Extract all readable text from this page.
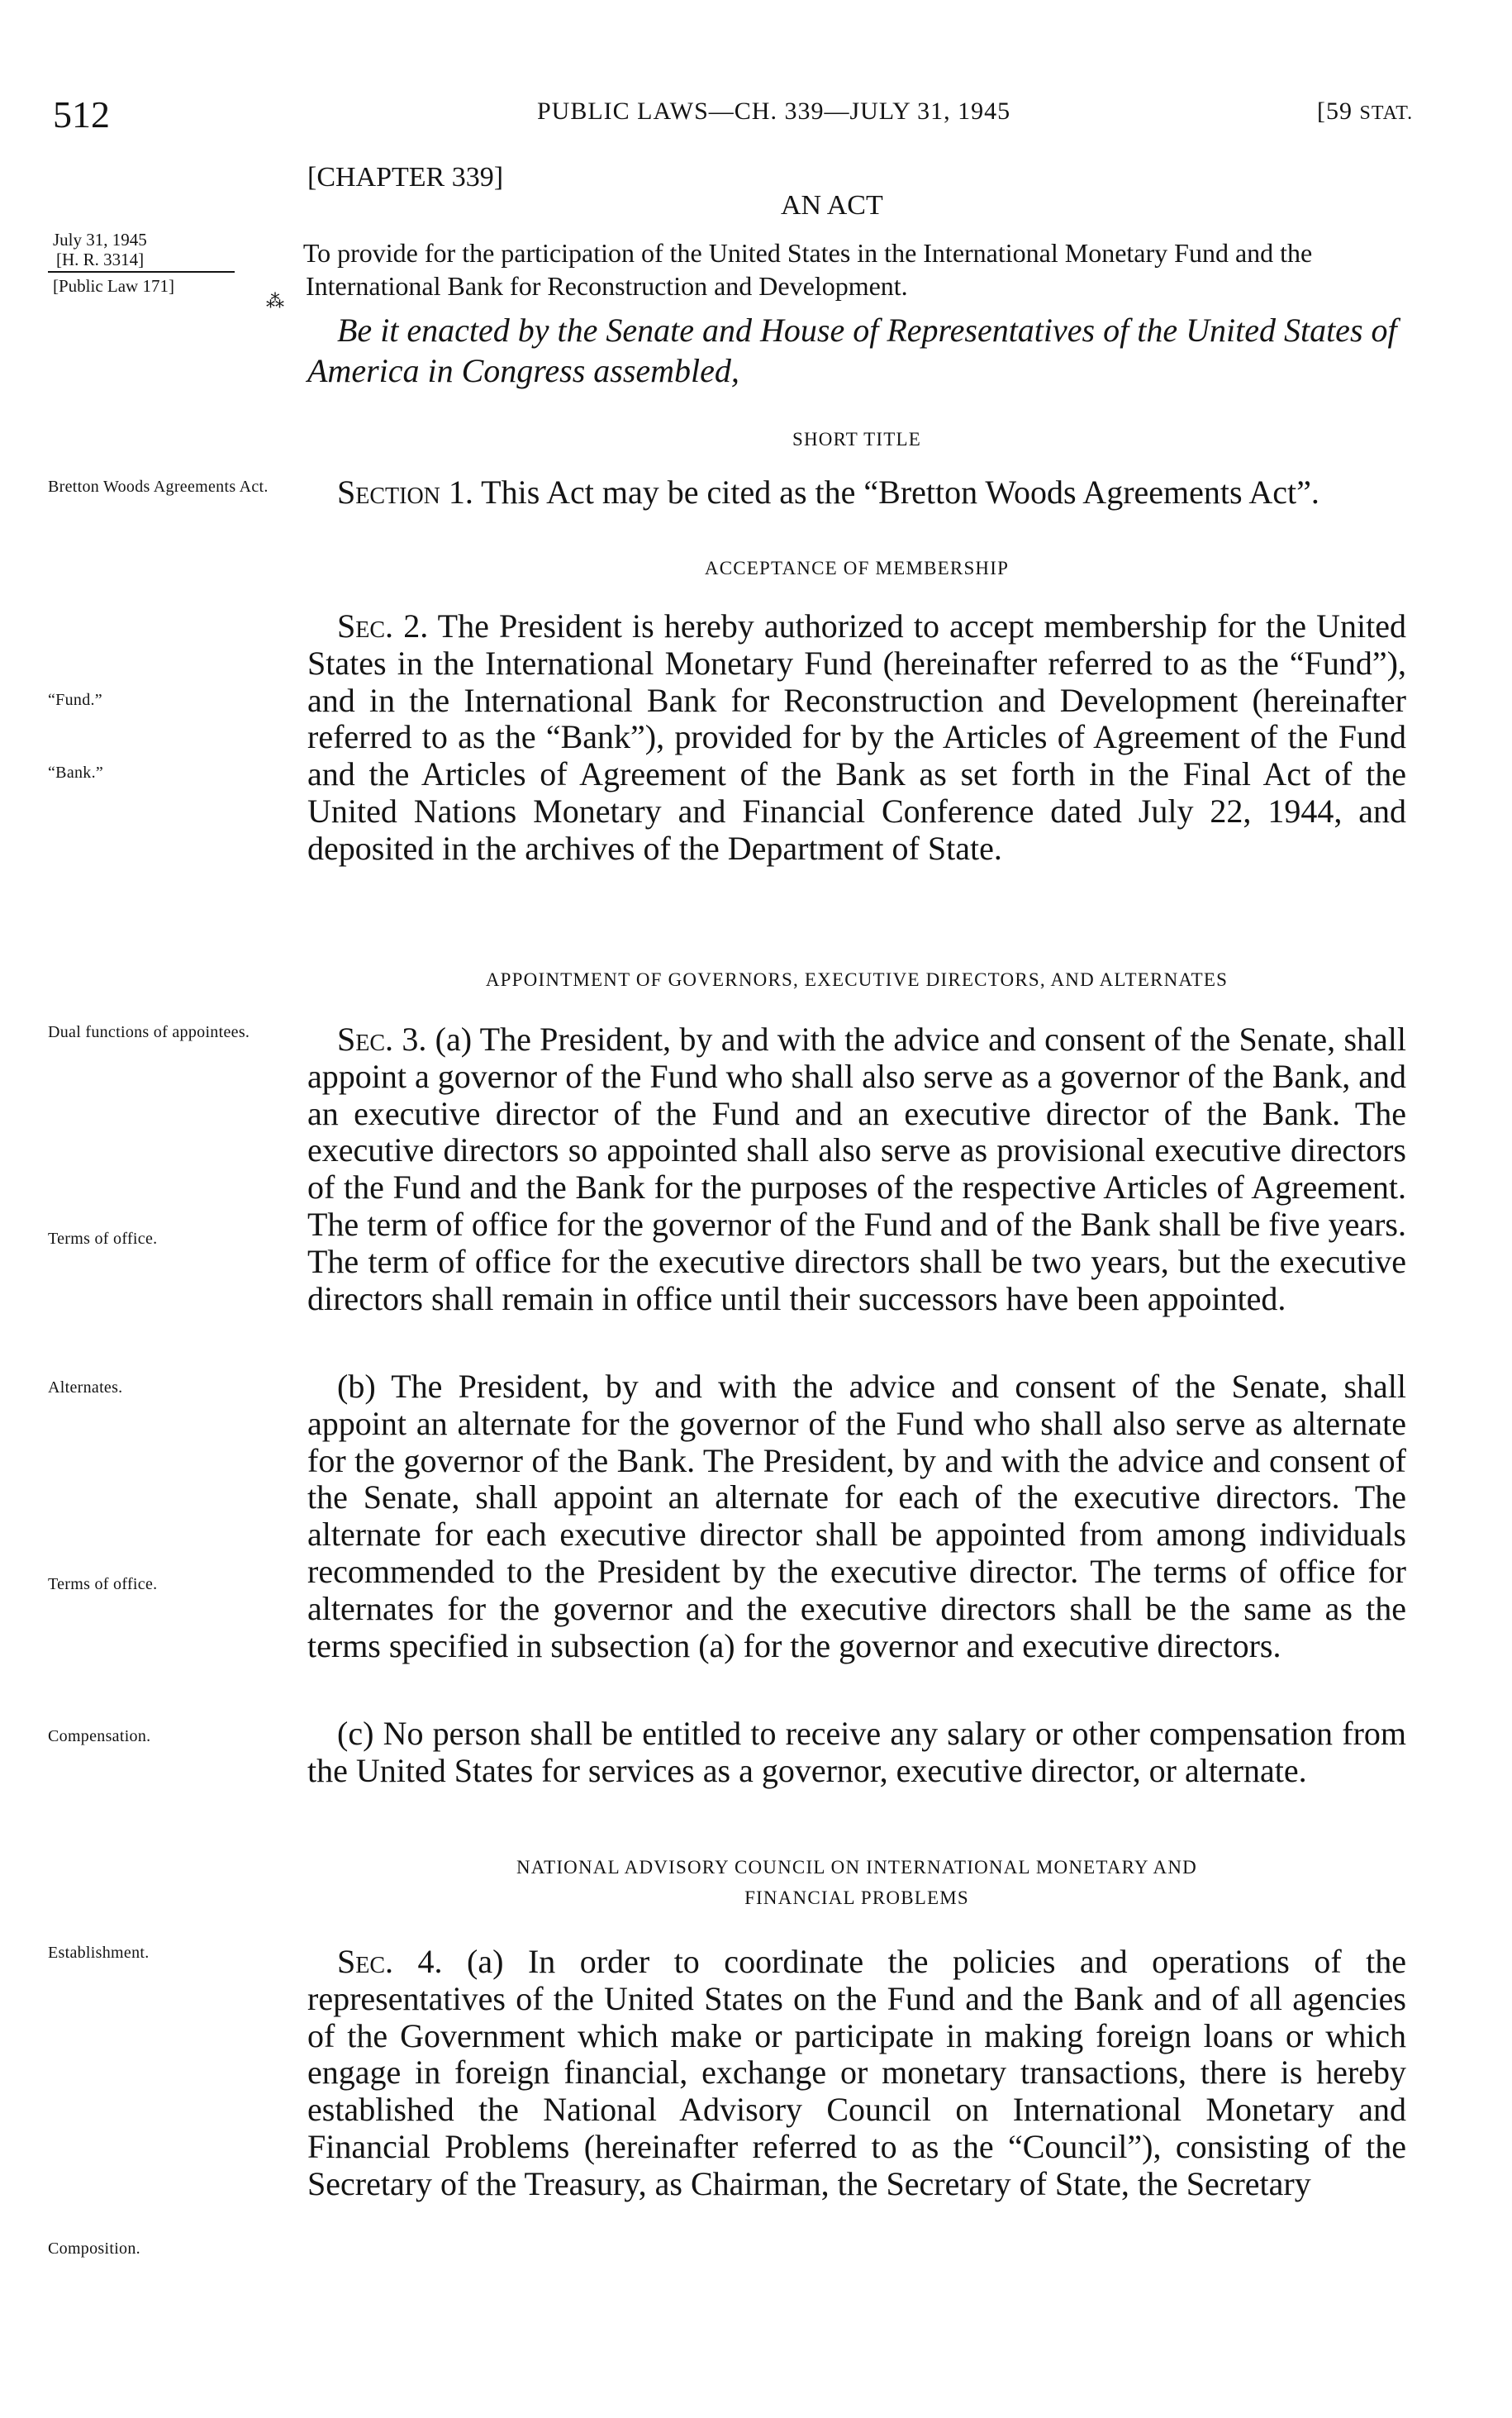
512	PUBLIC LAWS—CH. 339—JULY 31, 1945	[59 STAT.
[CHAPTER 339]
AN ACT
July 31, 1945
[H. R. 3314]
[Public Law 171]
⁂
To provide for the participation of the United States in the International Monetary Fund and the International Bank for Reconstruction and Development.
Be it enacted by the Senate and House of Representatives of the United States of America in Congress assembled,
SHORT TITLE
Bretton Woods Agreements Act.	Section 1. This Act may be cited as the “Bretton Woods Agreements Act”.
ACCEPTANCE OF MEMBERSHIP
“Fund.”
“Bank.”
Sec. 2. The President is hereby authorized to accept membership for the United States in the International Monetary Fund (hereinafter referred to as the “Fund”), and in the International Bank for Reconstruction and Development (hereinafter referred to as the “Bank”), provided for by the Articles of Agreement of the Fund and the Articles of Agreement of the Bank as set forth in the Final Act of the United Nations Monetary and Financial Conference dated July 22, 1944, and deposited in the archives of the Department of State.
APPOINTMENT OF GOVERNORS, EXECUTIVE DIRECTORS, AND ALTERNATES
Dual functions of appointees.	Sec. 3. (a) The President, by and with the advice and consent of the Senate, shall appoint a governor of the Fund who shall also serve as a governor of the Bank, and an executive director of the Fund and an executive director of the Bank. The executive directors so appointed shall also serve as provisional executive directors of the Fund and the Bank for the purposes of the respective Articles of Agreement. The term of office for the governor of the Fund and of the Bank shall be five years. The term of office for the executive directors shall be two years, but the executive directors shall remain in office until their successors have been appointed.
Terms of office.
Alternates.	(b) The President, by and with the advice and consent of the Senate, shall appoint an alternate for the governor of the Fund who shall also serve as alternate for the governor of the Bank. The President, by and with the advice and consent of the Senate, shall appoint an alternate for each of the executive directors. The alternate for each executive director shall be appointed from among individuals recommended to the President by the executive director. The terms of office for alternates for the governor and the executive directors shall be the same as the terms specified in subsection (a) for the governor and executive directors.
Terms of office.
Compensation.	(c) No person shall be entitled to receive any salary or other compensation from the United States for services as a governor, executive director, or alternate.
NATIONAL ADVISORY COUNCIL ON INTERNATIONAL MONETARY AND
FINANCIAL PROBLEMS
Establishment.	Sec. 4. (a) In order to coordinate the policies and operations of the representatives of the United States on the Fund and the Bank and of all agencies of the Government which make or participate in making foreign loans or which engage in foreign financial, exchange or monetary transactions, there is hereby established the National Advisory Council on International Monetary and Financial Problems (hereinafter referred to as the “Council”), consisting of the Secretary of the Treasury, as Chairman, the Secretary of State, the Secretary
Composition.
